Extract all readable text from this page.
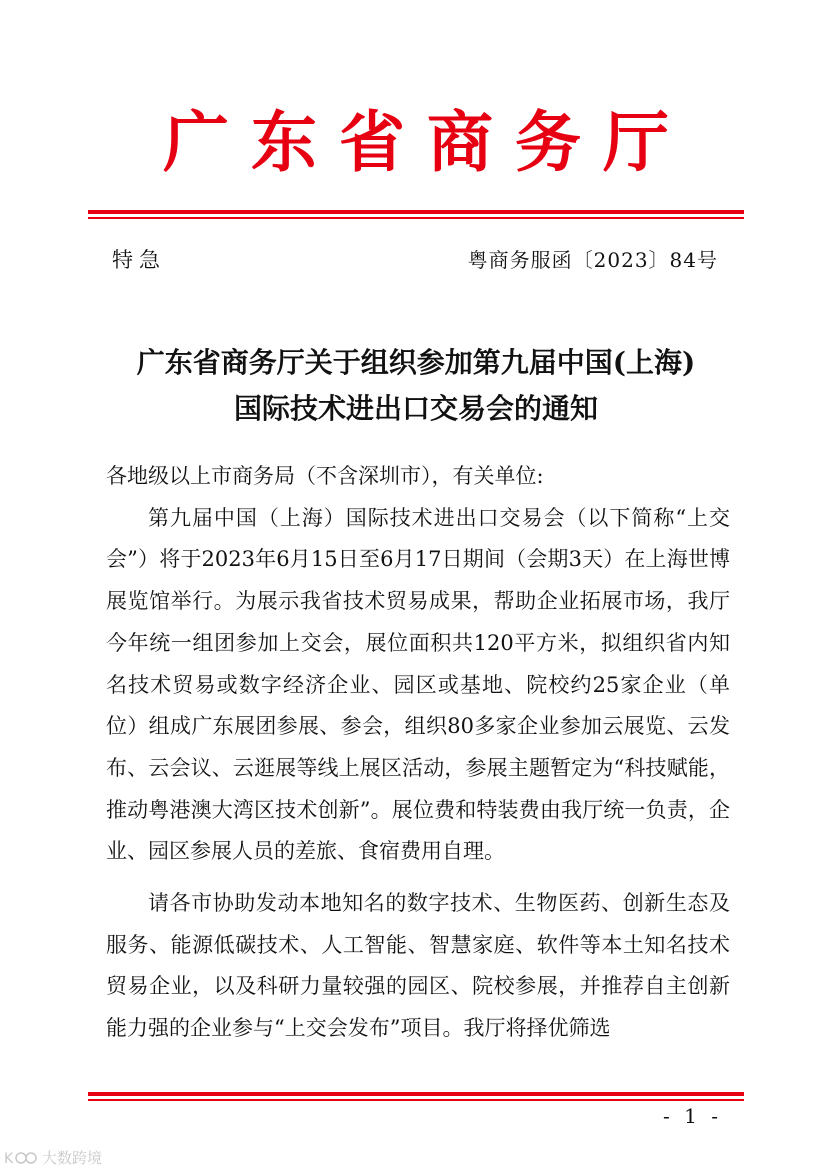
广东省商务厅
特急	粤商务服函〔2023〕84号
广东省商务厅关于组织参加第九届中国(上海)
国际技术进出口交易会的通知

各地级以上市商务局（不含深圳市），有关单位:

第九届中国（上海）国际技术进出口交易会（以下简称“上交会”）将于2023年6月15日至6月17日期间（会期3天）在上海世博展览馆举行。为展示我省技术贸易成果，帮助企业拓展市场，我厅今年统一组团参加上交会，展位面积共120平方米，拟组织省内知名技术贸易或数字经济企业、园区或基地、院校约25家企业（单位）组成广东展团参展、参会，组织80多家企业参加云展览、云发布、云会议、云逛展等线上展区活动，参展主题暂定为“科技赋能，推动粤港澳大湾区技术创新”。展位费和特装费由我厅统一负责，企业、园区参展人员的差旅、食宿费用自理。

请各市协助发动本地知名的数字技术、生物医药、创新生态及服务、能源低碳技术、人工智能、智慧家庭、软件等本土知名技术贸易企业，以及科研力量较强的园区、院校参展，并推荐自主创新能力强的企业参与“上交会发布”项目。我厅将择优筛选

- 1 -
K 大数跨境
